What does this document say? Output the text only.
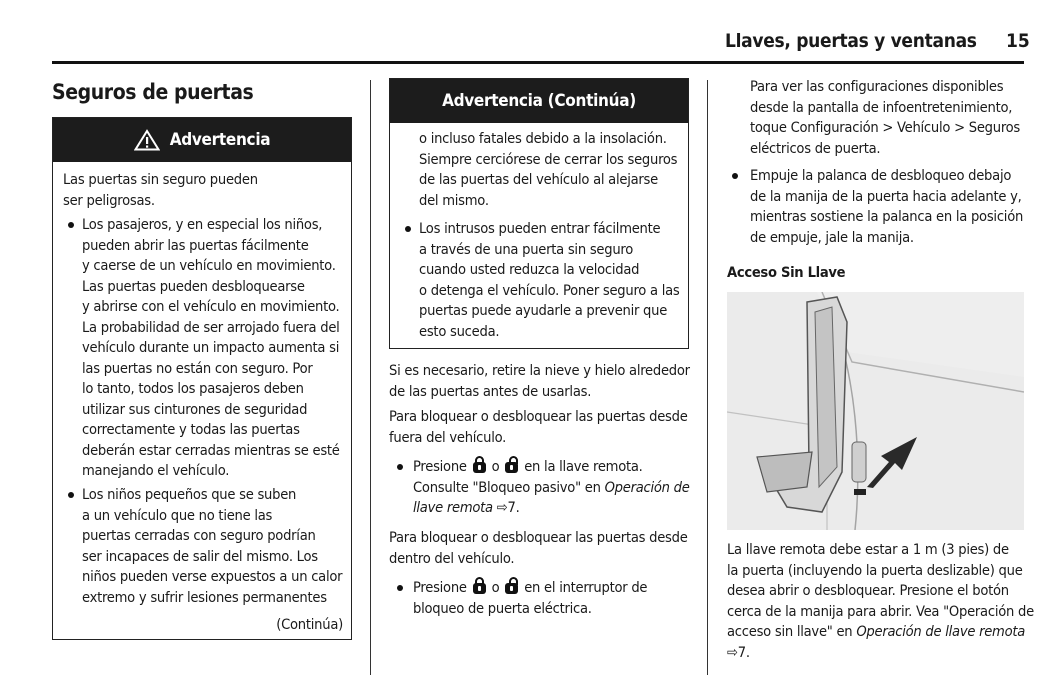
Llaves, puertas y ventanas 15
Seguros de puertas
Advertencia
Las puertas sin seguro pueden
ser peligrosas.
Los pasajeros, y en especial los niños,
pueden abrir las puertas fácilmente
y caerse de un vehículo en movimiento.
Las puertas pueden desbloquearse
y abrirse con el vehículo en movimiento.
La probabilidad de ser arrojado fuera del
vehículo durante un impacto aumenta si
las puertas no están con seguro. Por
lo tanto, todos los pasajeros deben
utilizar sus cinturones de seguridad
correctamente y todas las puertas
deberán estar cerradas mientras se esté
manejando el vehículo.
Los niños pequeños que se suben
a un vehículo que no tiene las
puertas cerradas con seguro podrían
ser incapaces de salir del mismo. Los
niños pueden verse expuestos a un calor
extremo y sufrir lesiones permanentes
(Continúa)
Advertencia (Continúa)
o incluso fatales debido a la insolación.
Siempre cerciórese de cerrar los seguros
de las puertas del vehículo al alejarse
del mismo.
Los intrusos pueden entrar fácilmente
a través de una puerta sin seguro
cuando usted reduzca la velocidad
o detenga el vehículo. Poner seguro a las
puertas puede ayudarle a prevenir que
esto suceda.
Si es necesario, retire la nieve y hielo alrededor
de las puertas antes de usarlas.
Para bloquear o desbloquear las puertas desde
fuera del vehículo.
Presione o en la llave remota.
Consulte "Bloqueo pasivo" en Operación de
llave remota ⇨7.
Para bloquear o desbloquear las puertas desde
dentro del vehículo.
Presione o en el interruptor de
bloqueo de puerta eléctrica.
Para ver las configuraciones disponibles
desde la pantalla de infoentretenimiento,
toque Configuración > Vehículo > Seguros
eléctricos de puerta.
Empuje la palanca de desbloqueo debajo
de la manija de la puerta hacia adelante y,
mientras sostiene la palanca en la posición
de empuje, jale la manija.
Acceso Sin Llave
La llave remota debe estar a 1 m (3 pies) de
la puerta (incluyendo la puerta deslizable) que
desea abrir o desbloquear. Presione el botón
cerca de la manija para abrir. Vea "Operación de
acceso sin llave" en Operación de llave remota
⇨7.
